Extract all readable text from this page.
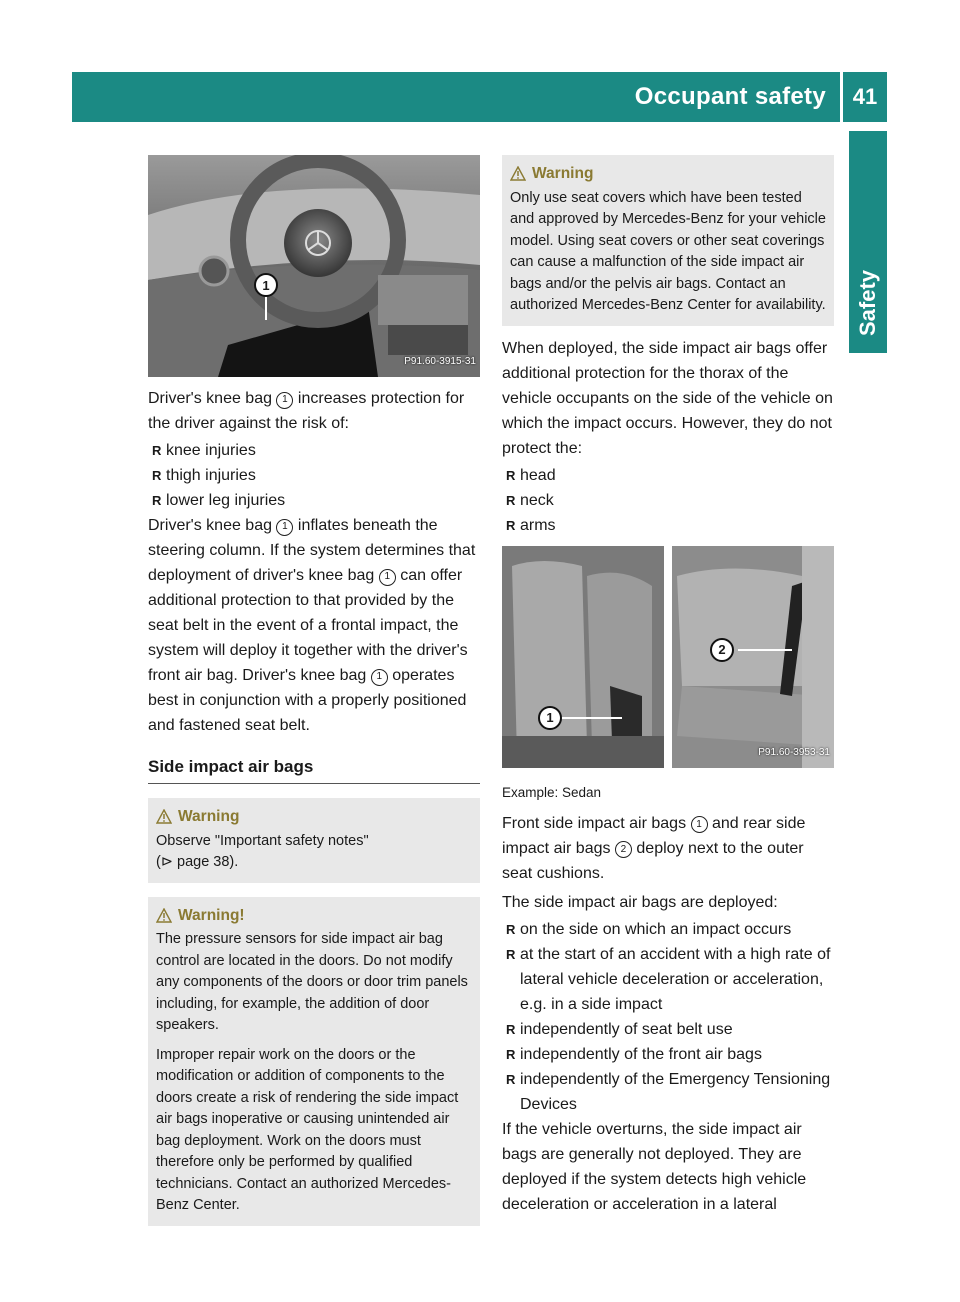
Occupant safety	41
Safety
1
P91.60-3915-31

Driver's knee bag 1 increases protection for the driver against the risk of:

R knee injuries
R thigh injuries
R lower leg injuries

Driver's knee bag 1 inflates beneath the steering column. If the system determines that deployment of driver's knee bag 1 can offer additional protection to that provided by the seat belt in the event of a frontal impact, the system will deploy it together with the driver's front air bag. Driver's knee bag 1 operates best in conjunction with a properly positioned and fastened seat belt.

Side impact air bags
Warning

Observe "Important safety notes"

(⊳ page 38).

Warning!

The pressure sensors for side impact air bag control are located in the doors. Do not modify any components of the doors or door trim panels including, for example, the addition of door speakers.

Improper repair work on the doors or the modification or addition of components to the doors create a risk of rendering the side impact air bags inoperative or causing unintended air bag deployment. Work on the doors must therefore only be performed by qualified technicians. Contact an authorized Mercedes-Benz Center.

Warning

Only use seat covers which have been tested and approved by Mercedes-Benz for your vehicle model. Using seat covers or other seat coverings can cause a malfunction of the side impact air bags and/or the pelvis air bags. Contact an authorized Mercedes-Benz Center for availability.

When deployed, the side impact air bags offer additional protection for the thorax of the vehicle occupants on the side of the vehicle on which the impact occurs. However, they do not protect the:

R head
R neck
R arms
1
2
P91.60-3953-31

Example: Sedan

Front side impact air bags 1 and rear side impact air bags 2 deploy next to the outer seat cushions.

The side impact air bags are deployed:

R on the side on which an impact occurs
R at the start of an accident with a high rate of lateral vehicle deceleration or acceleration, e.g. in a side impact
R independently of seat belt use
R independently of the front air bags
R independently of the Emergency Tensioning Devices

If the vehicle overturns, the side impact air bags are generally not deployed. They are deployed if the system detects high vehicle deceleration or acceleration in a lateral
